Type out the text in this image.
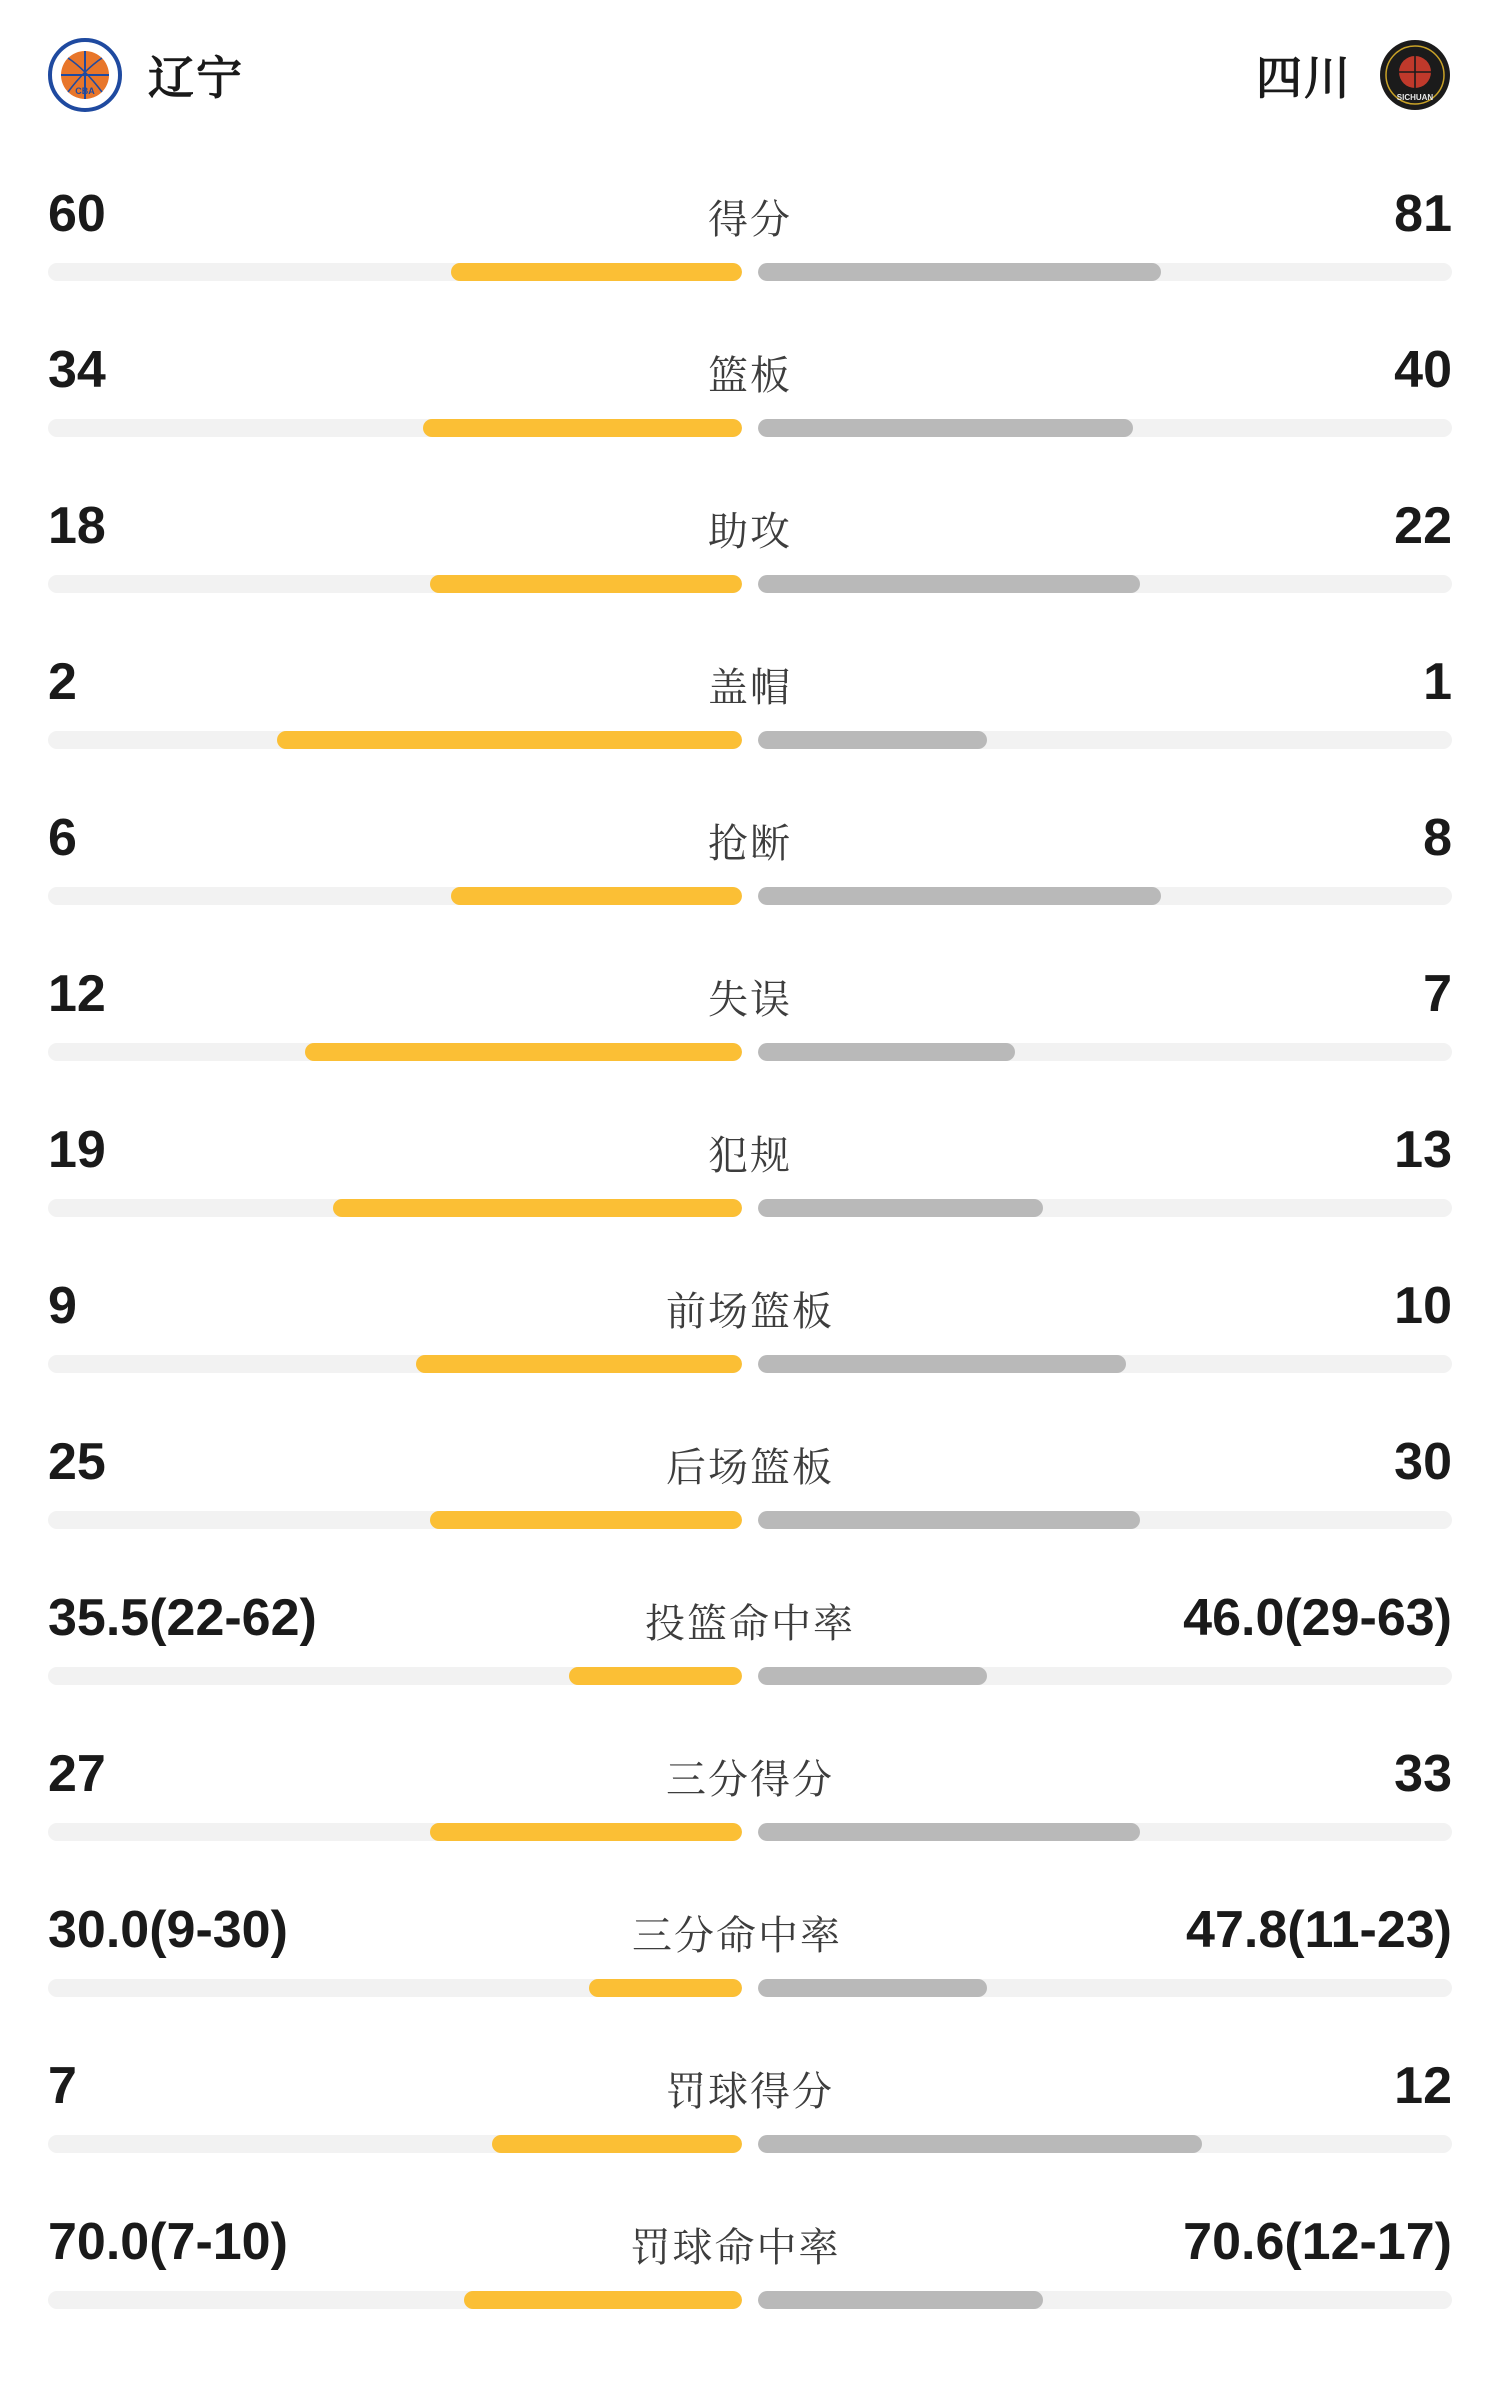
CBA 辽宁	四川	SICHUAN
60	得分	81
34	篮板	40
18	助攻	22
2	盖帽	1
6	抢断	8
12	失误	7
19	犯规	13
9	前场篮板	10
25	后场篮板	30
35.5(22-62)	投篮命中率	46.0(29-63)
27	三分得分	33
30.0(9-30)	三分命中率	47.8(11-23)
7	罚球得分	12
70.0(7-10)	罚球命中率	70.6(12-17)
